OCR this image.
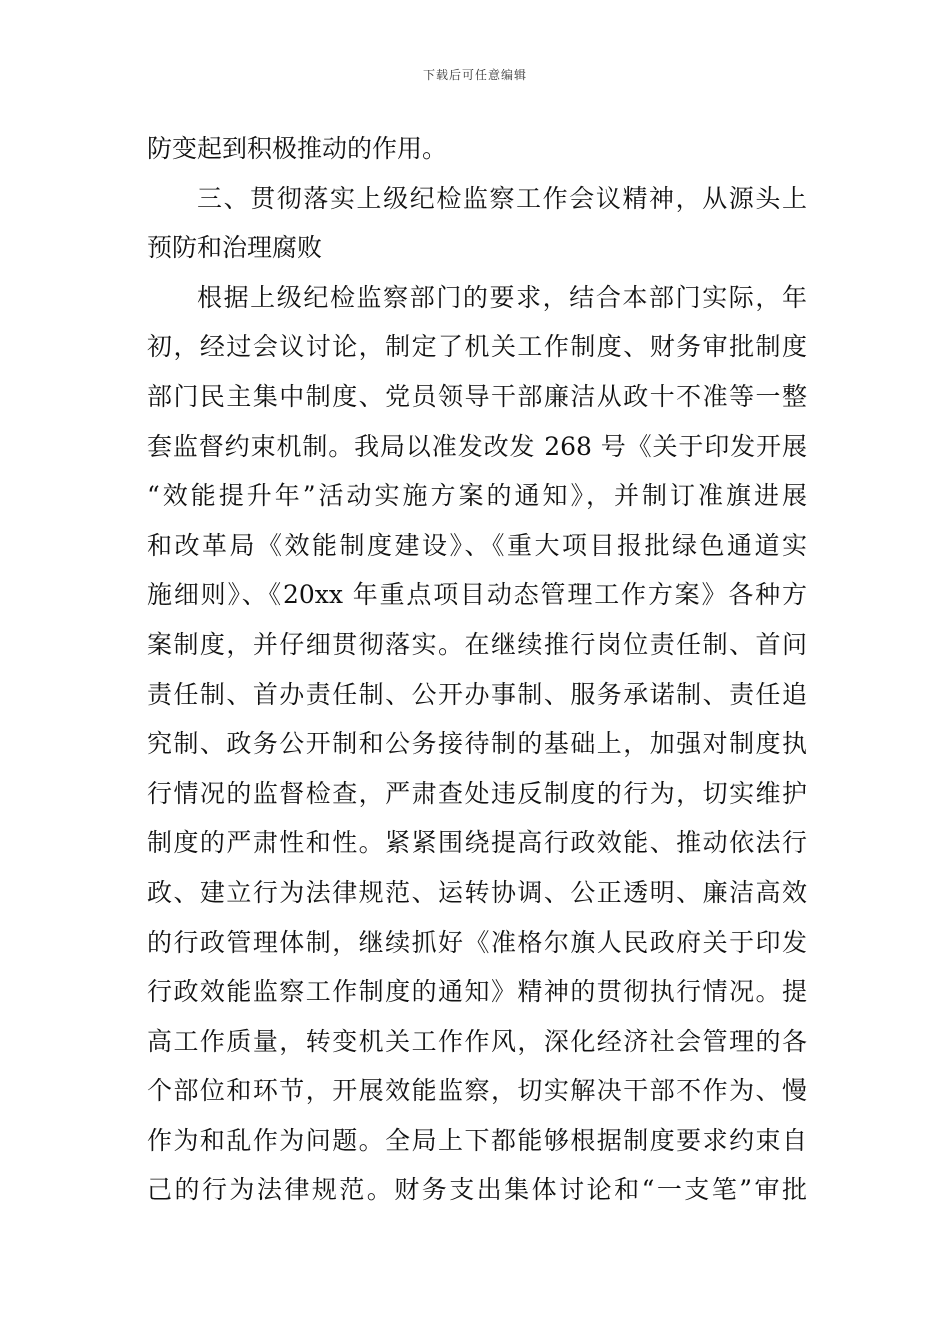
下载后可任意编辑
防变起到积极推动的作用。
三、贯彻落实上级纪检监察工作会议精神，从源头上
预防和治理腐败
根据上级纪检监察部门的要求，结合本部门实际，年
初，经过会议讨论，制定了机关工作制度、财务审批制度
部门民主集中制度、党员领导干部廉洁从政十不准等一整
套监督约束机制。我局以准发改发 268 号《关于印发开展
“效能提升年”活动实施方案的通知》，并制订准旗进展
和改革局《效能制度建设》、《重大项目报批绿色通道实
施细则》、《20xx 年重点项目动态管理工作方案》各种方
案制度，并仔细贯彻落实。在继续推行岗位责任制、首问
责任制、首办责任制、公开办事制、服务承诺制、责任追
究制、政务公开制和公务接待制的基础上，加强对制度执
行情况的监督检查，严肃查处违反制度的行为，切实维护
制度的严肃性和性。紧紧围绕提高行政效能、推动依法行
政、建立行为法律规范、运转协调、公正透明、廉洁高效
的行政管理体制，继续抓好《准格尔旗人民政府关于印发
行政效能监察工作制度的通知》精神的贯彻执行情况。提
高工作质量，转变机关工作作风，深化经济社会管理的各
个部位和环节，开展效能监察，切实解决干部不作为、慢
作为和乱作为问题。全局上下都能够根据制度要求约束自
己的行为法律规范。财务支出集体讨论和“一支笔”审批
